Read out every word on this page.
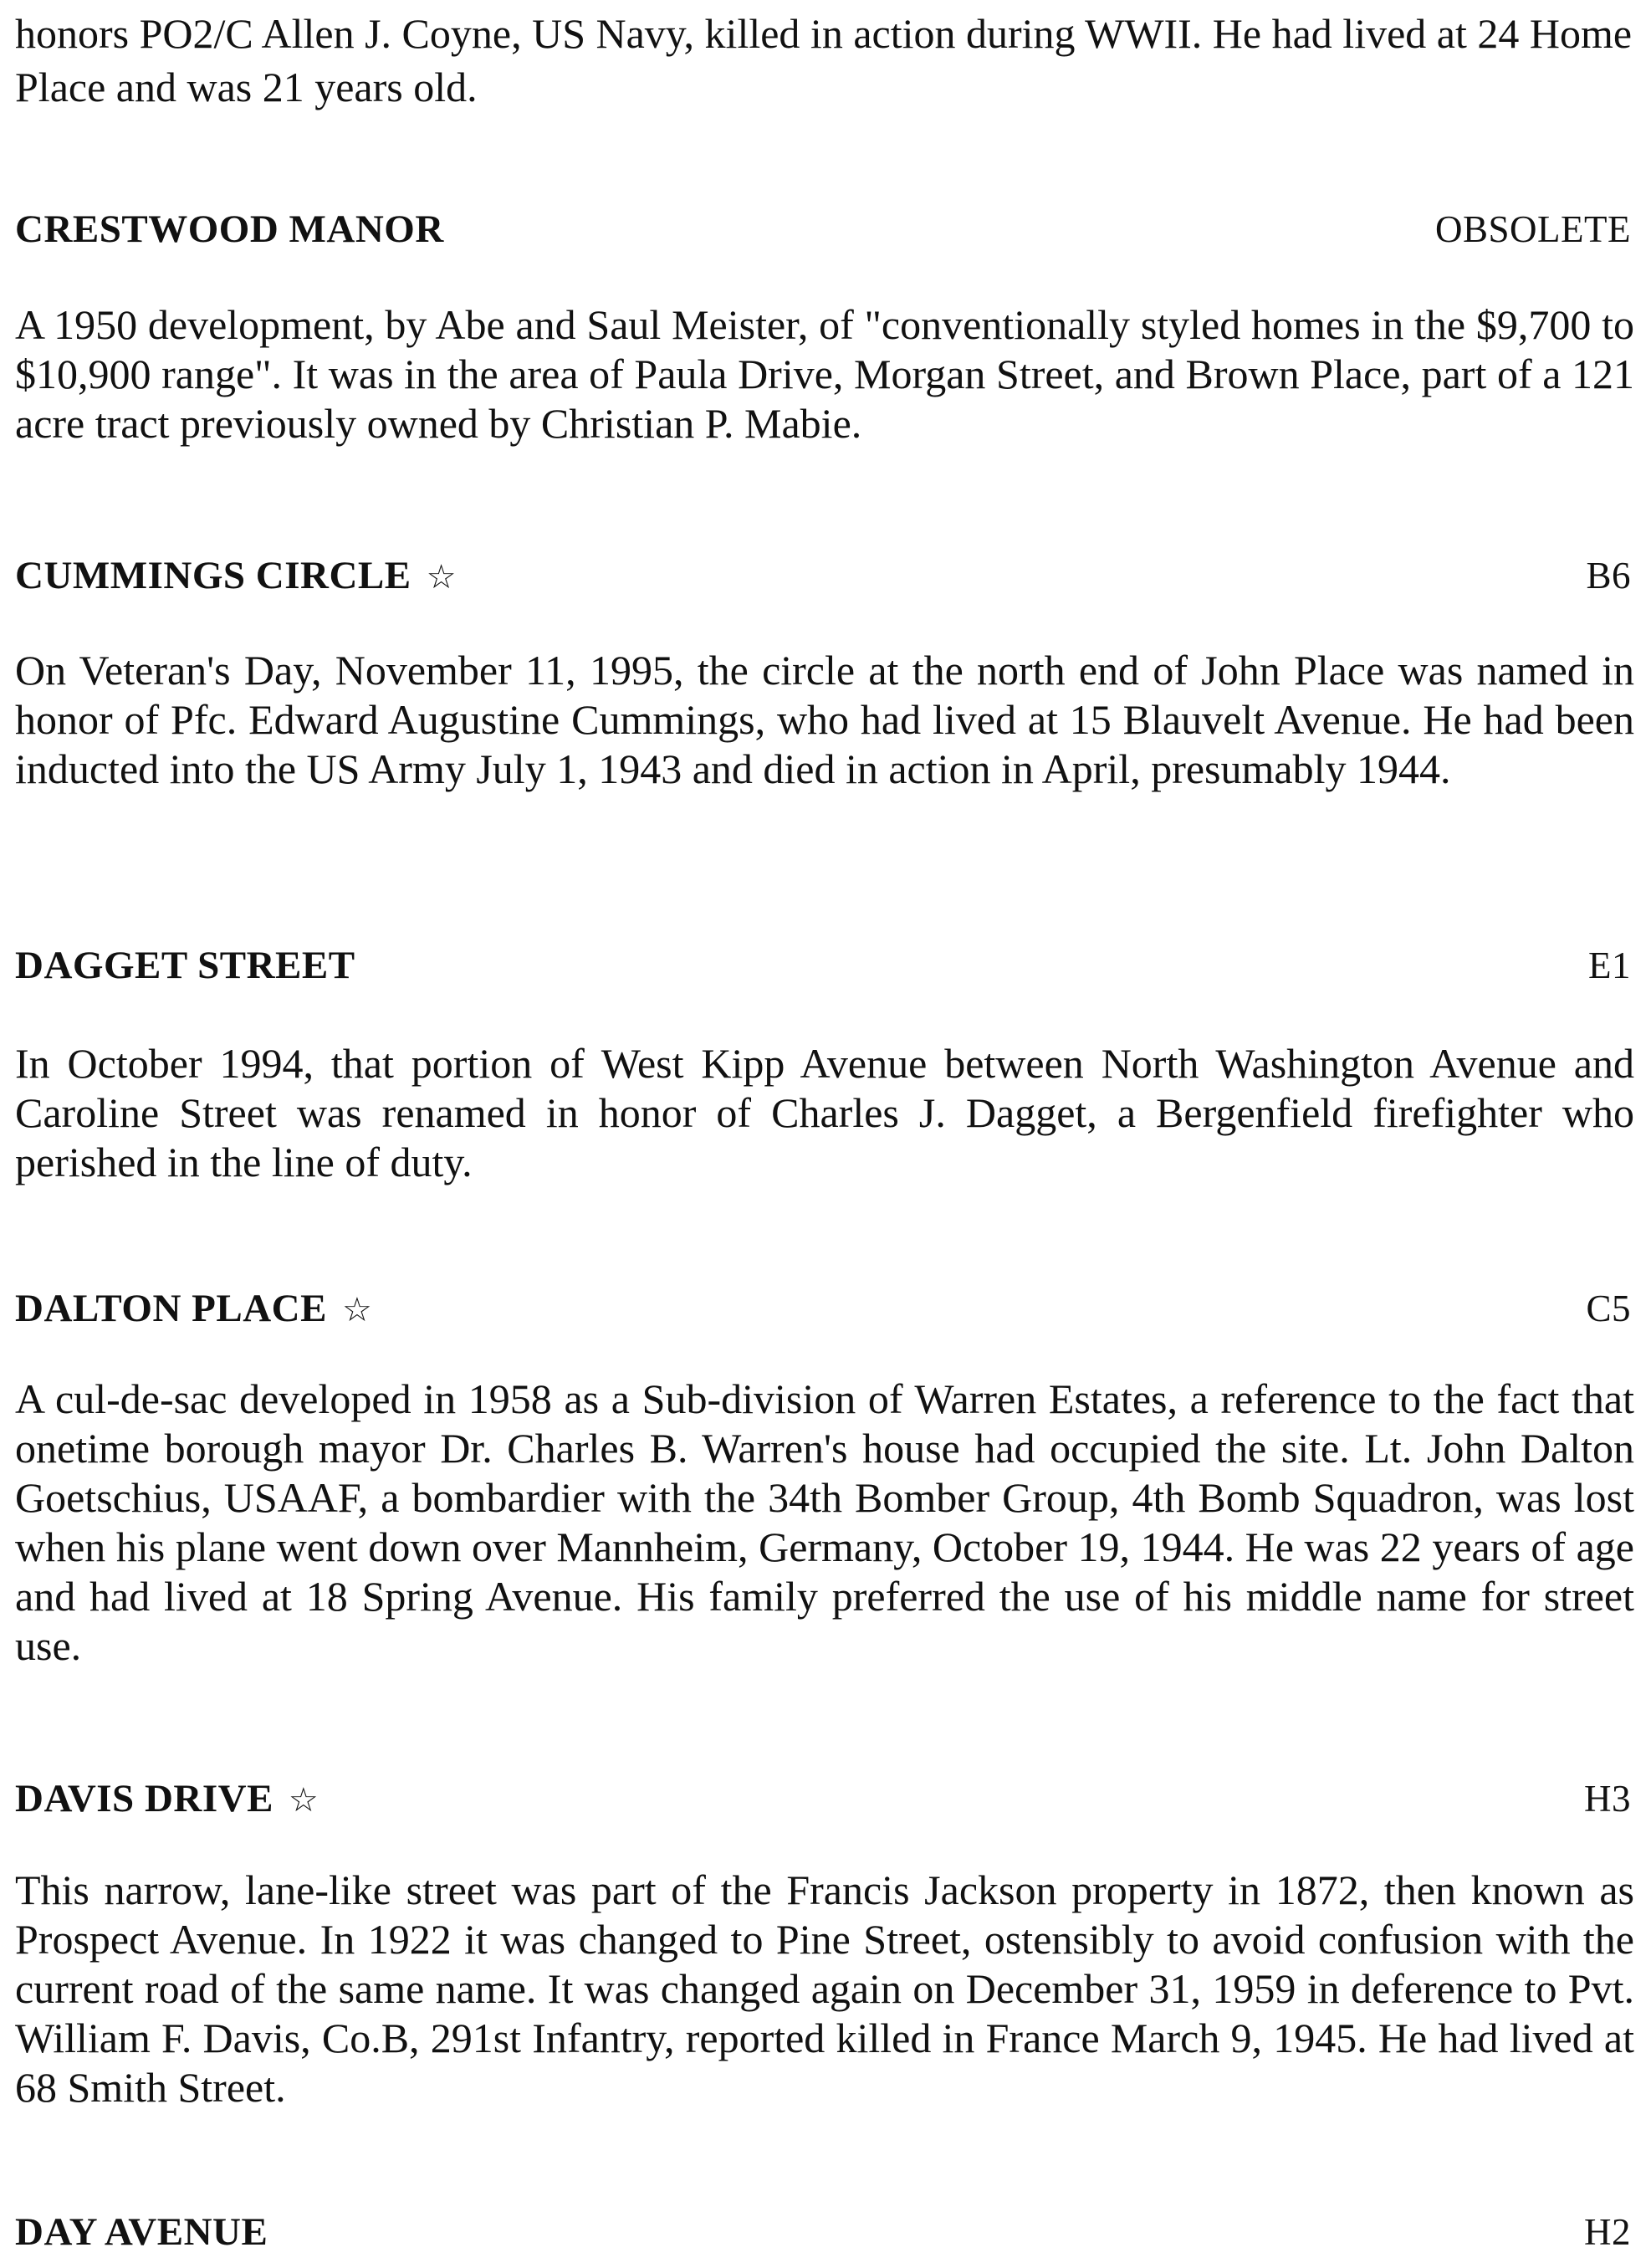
honors PO2/C Allen J. Coyne, US Navy, killed in action during WWII. He had lived at 24 Home Place and was 21 years old.

CRESTWOOD MANOR	OBSOLETE

A 1950 development, by Abe and Saul Meister, of "conventionally styled homes in the $9,700 to $10,900 range". It was in the area of Paula Drive, Morgan Street, and Brown Place, part of a 121 acre tract previously owned by Christian P. Mabie.

CUMMINGS CIRCLE ☆	B6

On Veteran's Day, November 11, 1995, the circle at the north end of John Place was named in honor of Pfc. Edward Augustine Cummings, who had lived at 15 Blauvelt Avenue. He had been inducted into the US Army July 1, 1943 and died in action in April, presumably 1944.

DAGGET STREET	E1

In October 1994, that portion of West Kipp Avenue between North Washington Avenue and Caroline Street was renamed in honor of Charles J. Dagget, a Bergenfield firefighter who perished in the line of duty.

DALTON PLACE ☆	C5

A cul-de-sac developed in 1958 as a Sub-division of Warren Estates, a reference to the fact that onetime borough mayor Dr. Charles B. Warren's house had occupied the site. Lt. John Dalton Goetschius, USAAF, a bombardier with the 34th Bomber Group, 4th Bomb Squadron, was lost when his plane went down over Mannheim, Germany, October 19, 1944. He was 22 years of age and had lived at 18 Spring Avenue. His family preferred the use of his middle name for street use.

DAVIS DRIVE ☆	H3

This narrow, lane-like street was part of the Francis Jackson property in 1872, then known as Prospect Avenue. In 1922 it was changed to Pine Street, ostensibly to avoid confusion with the current road of the same name. It was changed again on December 31, 1959 in deference to Pvt. William F. Davis, Co.B, 291st Infantry, reported killed in France March 9, 1945. He had lived at 68 Smith Street.

DAY AVENUE	H2
